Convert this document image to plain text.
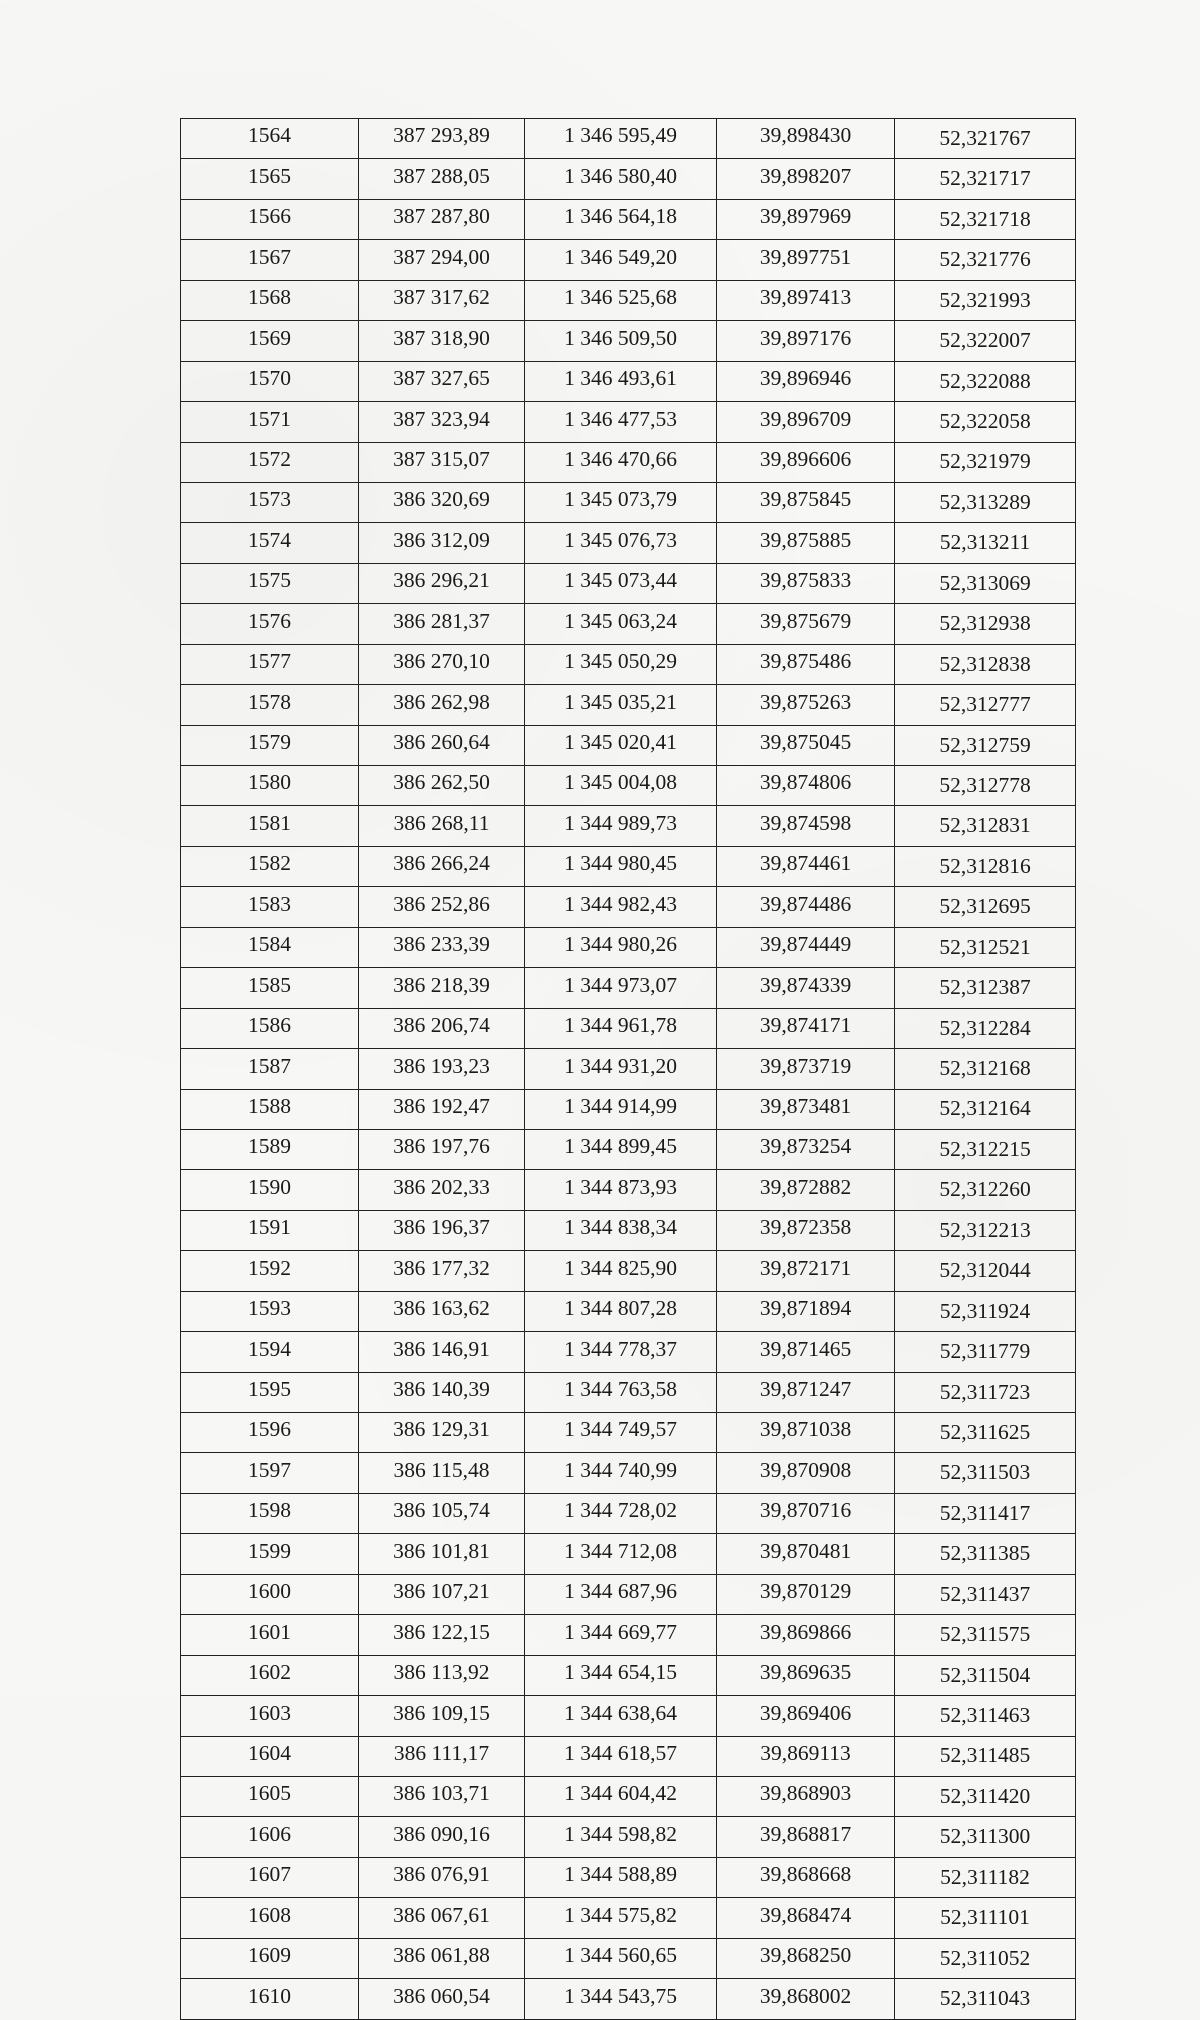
1564	387 293,89	1 346 595,49	39,898430	52,321767
1565	387 288,05	1 346 580,40	39,898207	52,321717
1566	387 287,80	1 346 564,18	39,897969	52,321718
1567	387 294,00	1 346 549,20	39,897751	52,321776
1568	387 317,62	1 346 525,68	39,897413	52,321993
1569	387 318,90	1 346 509,50	39,897176	52,322007
1570	387 327,65	1 346 493,61	39,896946	52,322088
1571	387 323,94	1 346 477,53	39,896709	52,322058
1572	387 315,07	1 346 470,66	39,896606	52,321979
1573	386 320,69	1 345 073,79	39,875845	52,313289
1574	386 312,09	1 345 076,73	39,875885	52,313211
1575	386 296,21	1 345 073,44	39,875833	52,313069
1576	386 281,37	1 345 063,24	39,875679	52,312938
1577	386 270,10	1 345 050,29	39,875486	52,312838
1578	386 262,98	1 345 035,21	39,875263	52,312777
1579	386 260,64	1 345 020,41	39,875045	52,312759
1580	386 262,50	1 345 004,08	39,874806	52,312778
1581	386 268,11	1 344 989,73	39,874598	52,312831
1582	386 266,24	1 344 980,45	39,874461	52,312816
1583	386 252,86	1 344 982,43	39,874486	52,312695
1584	386 233,39	1 344 980,26	39,874449	52,312521
1585	386 218,39	1 344 973,07	39,874339	52,312387
1586	386 206,74	1 344 961,78	39,874171	52,312284
1587	386 193,23	1 344 931,20	39,873719	52,312168
1588	386 192,47	1 344 914,99	39,873481	52,312164
1589	386 197,76	1 344 899,45	39,873254	52,312215
1590	386 202,33	1 344 873,93	39,872882	52,312260
1591	386 196,37	1 344 838,34	39,872358	52,312213
1592	386 177,32	1 344 825,90	39,872171	52,312044
1593	386 163,62	1 344 807,28	39,871894	52,311924
1594	386 146,91	1 344 778,37	39,871465	52,311779
1595	386 140,39	1 344 763,58	39,871247	52,311723
1596	386 129,31	1 344 749,57	39,871038	52,311625
1597	386 115,48	1 344 740,99	39,870908	52,311503
1598	386 105,74	1 344 728,02	39,870716	52,311417
1599	386 101,81	1 344 712,08	39,870481	52,311385
1600	386 107,21	1 344 687,96	39,870129	52,311437
1601	386 122,15	1 344 669,77	39,869866	52,311575
1602	386 113,92	1 344 654,15	39,869635	52,311504
1603	386 109,15	1 344 638,64	39,869406	52,311463
1604	386 111,17	1 344 618,57	39,869113	52,311485
1605	386 103,71	1 344 604,42	39,868903	52,311420
1606	386 090,16	1 344 598,82	39,868817	52,311300
1607	386 076,91	1 344 588,89	39,868668	52,311182
1608	386 067,61	1 344 575,82	39,868474	52,311101
1609	386 061,88	1 344 560,65	39,868250	52,311052
1610	386 060,54	1 344 543,75	39,868002	52,311043
